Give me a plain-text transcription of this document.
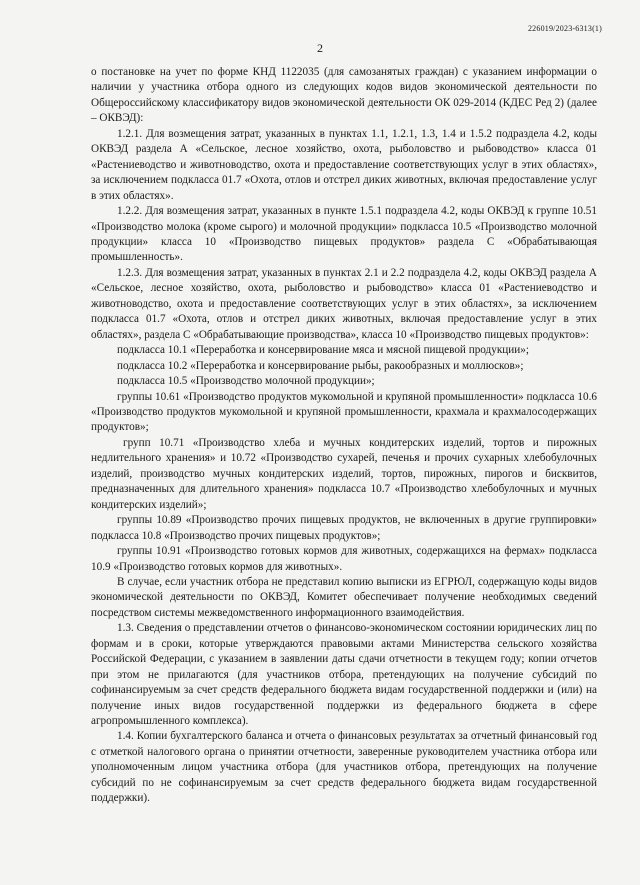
226019/2023-6313(1)
2

о постановке на учет по форме КНД 1122035 (для самозанятых граждан) с указанием информации о наличии у участника отбора одного из следующих кодов видов экономической деятельности по Общероссийскому классификатору видов экономической деятельности ОК 029-2014 (КДЕС Ред 2) (далее – ОКВЭД):

1.2.1. Для возмещения затрат, указанных в пунктах 1.1, 1.2.1, 1.3, 1.4 и 1.5.2 подраздела 4.2, коды ОКВЭД раздела А «Сельское, лесное хозяйство, охота, рыболовство и рыбоводство» класса 01 «Растениеводство и животноводство, охота и предоставление соответствующих услуг в этих областях», за исключением подкласса 01.7 «Охота, отлов и отстрел диких животных, включая предоставление услуг в этих областях».

1.2.2. Для возмещения затрат, указанных в пункте 1.5.1 подраздела 4.2, коды ОКВЭД к группе 10.51 «Производство молока (кроме сырого) и молочной продукции» подкласса 10.5 «Производство молочной продукции» класса 10 «Производство пищевых продуктов» раздела С «Обрабатывающая промышленность».

1.2.3. Для возмещения затрат, указанных в пунктах 2.1 и 2.2 подраздела 4.2, коды ОКВЭД раздела А «Сельское, лесное хозяйство, охота, рыболовство и рыбоводство» класса 01 «Растениеводство и животноводство, охота и предоставление соответствующих услуг в этих областях», за исключением подкласса 01.7 «Охота, отлов и отстрел диких животных, включая предоставление услуг в этих областях», раздела С «Обрабатывающие производства», класса 10 «Производство пищевых продуктов»:

подкласса 10.1 «Переработка и консервирование мяса и мясной пищевой продукции»;

подкласса 10.2 «Переработка и консервирование рыбы, ракообразных и моллюсков»;

подкласса 10.5 «Производство молочной продукции»;

группы 10.61 «Производство продуктов мукомольной и крупяной промышленности» подкласса 10.6 «Производство продуктов мукомольной и крупяной промышленности, крахмала и крахмалосодержащих продуктов»;

групп 10.71 «Производство хлеба и мучных кондитерских изделий, тортов и пирожных недлительного хранения» и 10.72 «Производство сухарей, печенья и прочих сухарных хлебобулочных изделий, производство мучных кондитерских изделий, тортов, пирожных, пирогов и бисквитов, предназначенных для длительного хранения» подкласса 10.7 «Производство хлебобулочных и мучных кондитерских изделий»;

группы 10.89 «Производство прочих пищевых продуктов, не включенных в другие группировки» подкласса 10.8 «Производство прочих пищевых продуктов»;

группы 10.91 «Производство готовых кормов для животных, содержащихся на фермах» подкласса 10.9 «Производство готовых кормов для животных».

В случае, если участник отбора не представил копию выписки из ЕГРЮЛ, содержащую коды видов экономической деятельности по ОКВЭД, Комитет обеспечивает получение необходимых сведений посредством системы межведомственного информационного взаимодействия.

1.3. Сведения о представлении отчетов о финансово-экономическом состоянии юридических лиц по формам и в сроки, которые утверждаются правовыми актами Министерства сельского хозяйства Российской Федерации, с указанием в заявлении даты сдачи отчетности в текущем году; копии отчетов при этом не прилагаются (для участников отбора, претендующих на получение субсидий по софинансируемым за счет средств федерального бюджета видам государственной поддержки и (или) на получение иных видов государственной поддержки из федерального бюджета в сфере агропромышленного комплекса).

1.4. Копии бухгалтерского баланса и отчета о финансовых результатах за отчетный финансовый год с отметкой налогового органа о принятии отчетности, заверенные руководителем участника отбора или уполномоченным лицом участника отбора (для участников отбора, претендующих на получение субсидий по не софинансируемым за счет средств федерального бюджета видам государственной поддержки).
